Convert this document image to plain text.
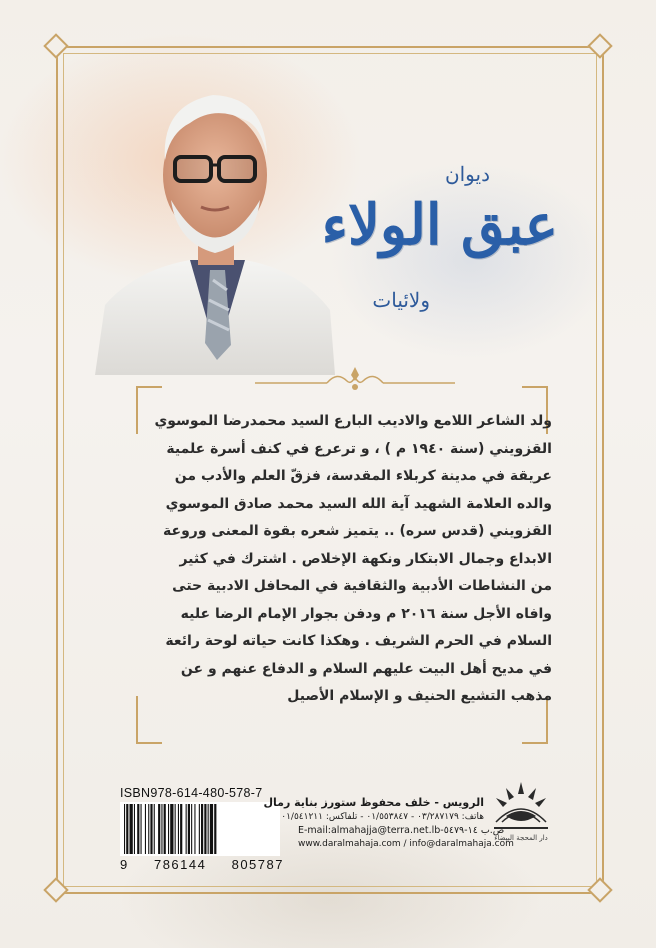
ديوان
عبق الولاء
ولائيات
ولد الشاعر اللامع والاديب البارع السيد محمدرضا الموسوي
القزويني (سنة ١٩٤٠ م ) ، و ترعرع في كنف أسرة علمية
عريقة في مدينة كربلاء المقدسة، فزقّ العلم والأدب من
والده العلامة الشهيد آية الله السيد محمد صادق الموسوي
القزويني (قدس سره) .. يتميز شعره بقوة المعنى وروعة
الابداع وجمال الابتكار ونكهة الإخلاص . اشترك في كثير
من النشاطات الأدبية والثقافية في المحافل الادبية حتى
وافاه الأجل سنة ٢٠١٦ م ودفن بجوار الإمام الرضا عليه
السلام في الحرم الشريف . وهكذا كانت حياته لوحة رائعة
في مديح أهل البيت عليهم السلام و الدفاع عنهم و عن
مذهب التشيع الحنيف و الإسلام الأصيل
ISBN978-614-480-578-7
9 786144 805787
الرويس - خلف محفوظ ستورز بناية رمال
هاتف: ٠٣/٢٨٧١٧٩ - ٠١/٥٥٣٨٤٧ - تلفاكس: ٠١/٥٤١٢١١
E-mail:almahajja@terra.net.lb-ص.ب ١٤-٥٤٧٩
www.daralmahaja.com / info@daralmahaja.com
دار المحجة البيضاء
